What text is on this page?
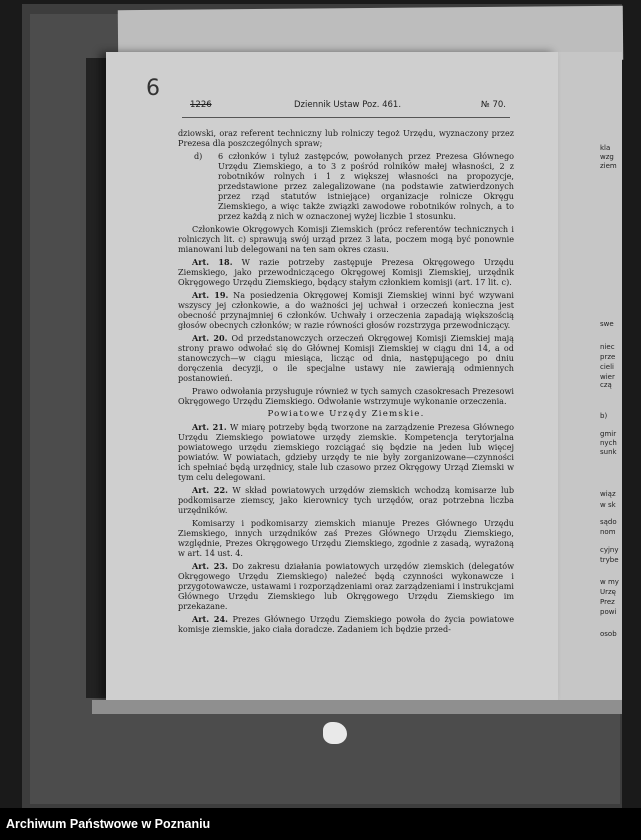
6
1226	Dziennik Ustaw Poz. 461.	№ 70.

dziowski, oraz referent techniczny lub rolniczy tegoż Urzędu, wyznaczony przez Prezesa dla poszczególnych spraw;

d) 6 członków i tyluż zastępców, powołanych przez Prezesa Głównego Urzędu Ziemskiego, a to 3 z pośród rolników małej własności, 2 z robotników rolnych i 1 z większej własności na propozycje, przedstawione przez zalegalizowane (na podstawie zatwierdzonych przez rząd statutów istniejące) organizacje rolnicze Okręgu Ziemskiego, a więc także związki zawodowe robotników rolnych, a to przez każdą z nich w oznaczonej wyżej liczbie 1 stosunku.

Członkowie Okręgowych Komisji Ziemskich (prócz referentów technicznych i rolniczych lit. c) sprawują swój urząd przez 3 lata, poczem mogą być ponownie mianowani lub delegowani na ten sam okres czasu.

Art. 18. W razie potrzeby zastępuje Prezesa Okręgowego Urzędu Ziemskiego, jako przewodniczącego Okręgowej Komisji Ziemskiej, urzędnik Okręgowego Urzędu Ziemskiego, będący stałym członkiem komisji (art. 17 lit. c).

Art. 19. Na posiedzenia Okręgowej Komisji Ziemskiej winni być wzywani wszyscy jej członkowie, a do ważności jej uchwał i orzeczeń konieczna jest obecność przynajmniej 6 członków. Uchwały i orzeczenia zapadają większością głosów obecnych członków; w razie równości głosów rozstrzyga przewodniczący.

Art. 20. Od przedstanowczych orzeczeń Okręgowej Komisji Ziemskiej mają strony prawo odwołać się do Głównej Komisji Ziemskiej w ciągu dni 14, a od stanowczych—w ciągu miesiąca, licząc od dnia, następującego po dniu doręczenia decyzji, o ile specjalne ustawy nie zawierają odmiennych postanowień.

Prawo odwołania przysługuje również w tych samych czasokresach Prezesowi Okręgowego Urzędu Ziemskiego. Odwołanie wstrzymuje wykonanie orzeczenia.

Powiatowe Urzędy Ziemskie.

Art. 21. W miarę potrzeby będą tworzone na zarządzenie Prezesa Głównego Urzędu Ziemskiego powiatowe urzędy ziemskie. Kompetencja terytorjalna powiatowego urzędu ziemskiego rozciągać się będzie na jeden lub więcej powiatów. W powiatach, gdzieby urzędy te nie były zorganizowane—czynności ich spełniać będą urzędnicy, stale lub czasowo przez Okręgowy Urząd Ziemski w tym celu delegowani.

Art. 22. W skład powiatowych urzędów ziemskich wchodzą komisarze lub podkomisarze ziemscy, jako kierownicy tych urzędów, oraz potrzebna liczba urzędników.

Komisarzy i podkomisarzy ziemskich mianuje Prezes Głównego Urzędu Ziemskiego, innych urzędników zaś Prezes Głównego Urzędu Ziemskiego, względnie, Prezes Okręgowego Urzędu Ziemskiego, zgodnie z zasadą, wyrażoną w art. 14 ust. 4.

Art. 23. Do zakresu działania powiatowych urzędów ziemskich (delegatów Okręgowego Urzędu Ziemskiego) należeć będą czynności wykonawcze i przygotowawcze, ustawami i rozporządzeniami oraz zarządzeniami i instrukcjami Głównego Urzędu Ziemskiego lub Okręgowego Urzędu Ziemskiego im przekazane.

Art. 24. Prezes Głównego Urzędu Ziemskiego powoła do życia powiatowe komisje ziemskie, jako ciała doradcze. Zadaniem ich będzie przed-

kla
wzg
ziem
swe
niec
prze
cieli
wier
czą
b)
gmir
nych
sunk
wiąz
w sk
sądo
nom
cyjny
trybe
w my
Urzę
Prez
powi
osob
Archiwum Państwowe w Poznaniu
